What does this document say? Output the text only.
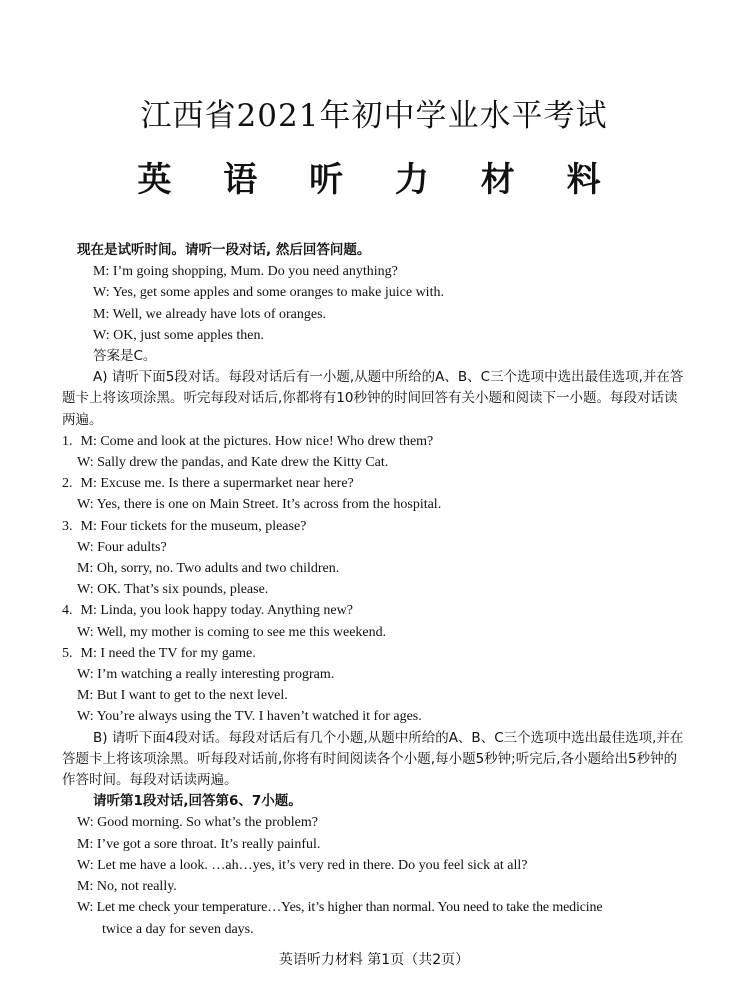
江西省2021年初中学业水平考试
英 语 听 力 材 料
现在是试听时间。请听一段对话, 然后回答问题。
M: I’m going shopping, Mum. Do you need anything?
W: Yes, get some apples and some oranges to make juice with.
M: Well, we already have lots of oranges.
W: OK, just some apples then.
答案是C。
A) 请听下面5段对话。每段对话后有一小题,从题中所给的A、B、C三个选项中选出最佳选项,并在答题卡上将该项涂黑。听完每段对话后,你都将有10秒钟的时间回答有关小题和阅读下一小题。每段对话读两遍。
1. M: Come and look at the pictures. How nice! Who drew them?
W: Sally drew the pandas, and Kate drew the Kitty Cat.
2. M: Excuse me. Is there a supermarket near here?
W: Yes, there is one on Main Street. It’s across from the hospital.
3. M: Four tickets for the museum, please?
W: Four adults?
M: Oh, sorry, no. Two adults and two children.
W: OK. That’s six pounds, please.
4. M: Linda, you look happy today. Anything new?
W: Well, my mother is coming to see me this weekend.
5. M: I need the TV for my game.
W: I’m watching a really interesting program.
M: But I want to get to the next level.
W: You’re always using the TV. I haven’t watched it for ages.
B) 请听下面4段对话。每段对话后有几个小题,从题中所给的A、B、C三个选项中选出最佳选项,并在答题卡上将该项涂黑。听每段对话前,你将有时间阅读各个小题,每小题5秒钟;听完后,各小题给出5秒钟的作答时间。每段对话读两遍。
请听第1段对话,回答第6、7小题。
W: Good morning. So what’s the problem?
M: I’ve got a sore throat. It’s really painful.
W: Let me have a look. …ah…yes, it’s very red in there. Do you feel sick at all?
M: No, not really.
W: Let me check your temperature…Yes, it’s higher than normal. You need to take the medicine
twice a day for seven days.
英语听力材料 第1页（共2页）
